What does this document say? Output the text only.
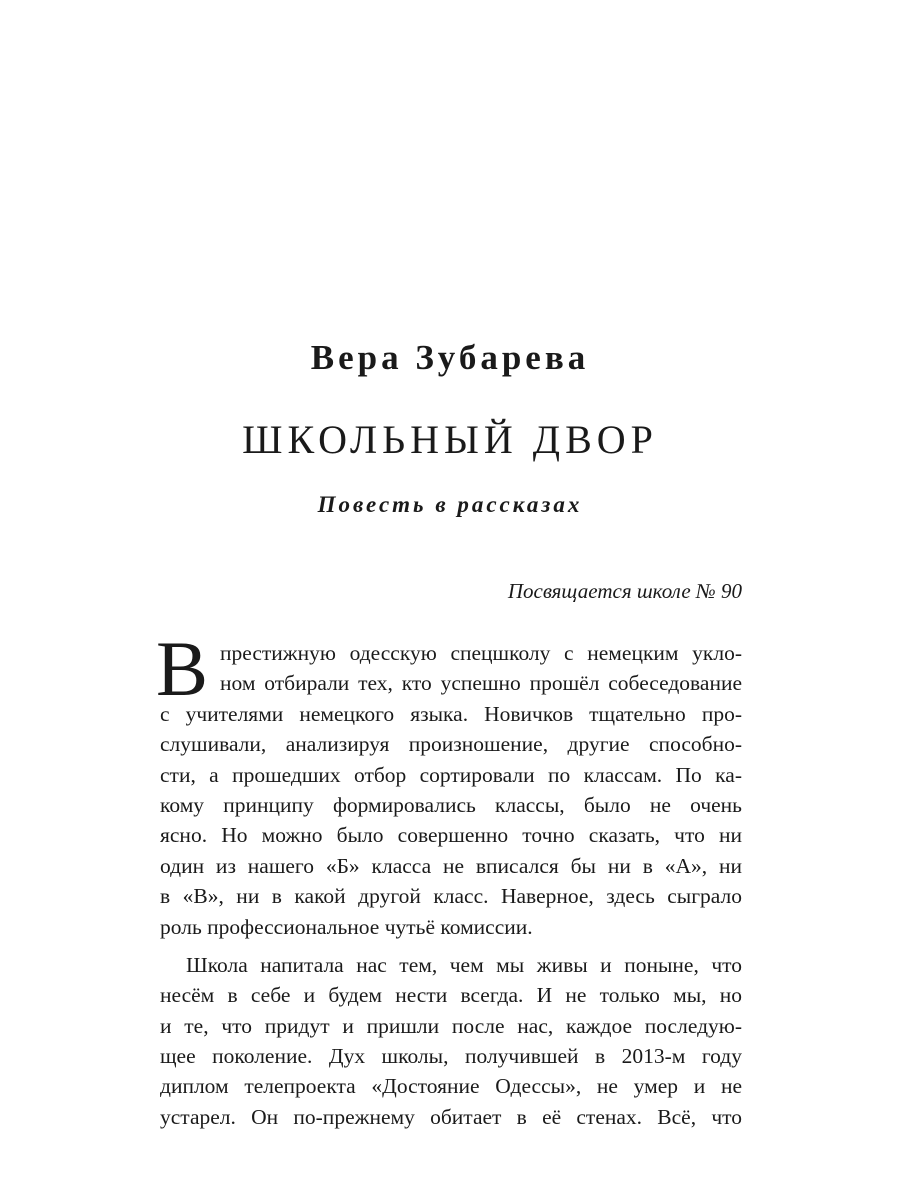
Вера Зубарева
ШКОЛЬНЫЙ ДВОР
Повесть в рассказах
Посвящается школе № 90
В престижную одесскую спецшколу с немецким укло-
ном отбирали тех, кто успешно прошёл собеседование
с учителями немецкого языка. Новичков тщательно про-
слушивали, анализируя произношение, другие способно-
сти, а прошедших отбор сортировали по классам. По ка-
кому принципу формировались классы, было не очень
ясно. Но можно было совершенно точно сказать, что ни
один из нашего «Б» класса не вписался бы ни в «А», ни
в «В», ни в какой другой класс. Наверное, здесь сыграло
роль профессиональное чутьё комиссии.
Школа напитала нас тем, чем мы живы и поныне, что
несём в себе и будем нести всегда. И не только мы, но
и те, что придут и пришли после нас, каждое последую-
щее поколение. Дух школы, получившей в 2013-м году
диплом телепроекта «Достояние Одессы», не умер и не
устарел. Он по-прежнему обитает в её стенах. Всё, что
